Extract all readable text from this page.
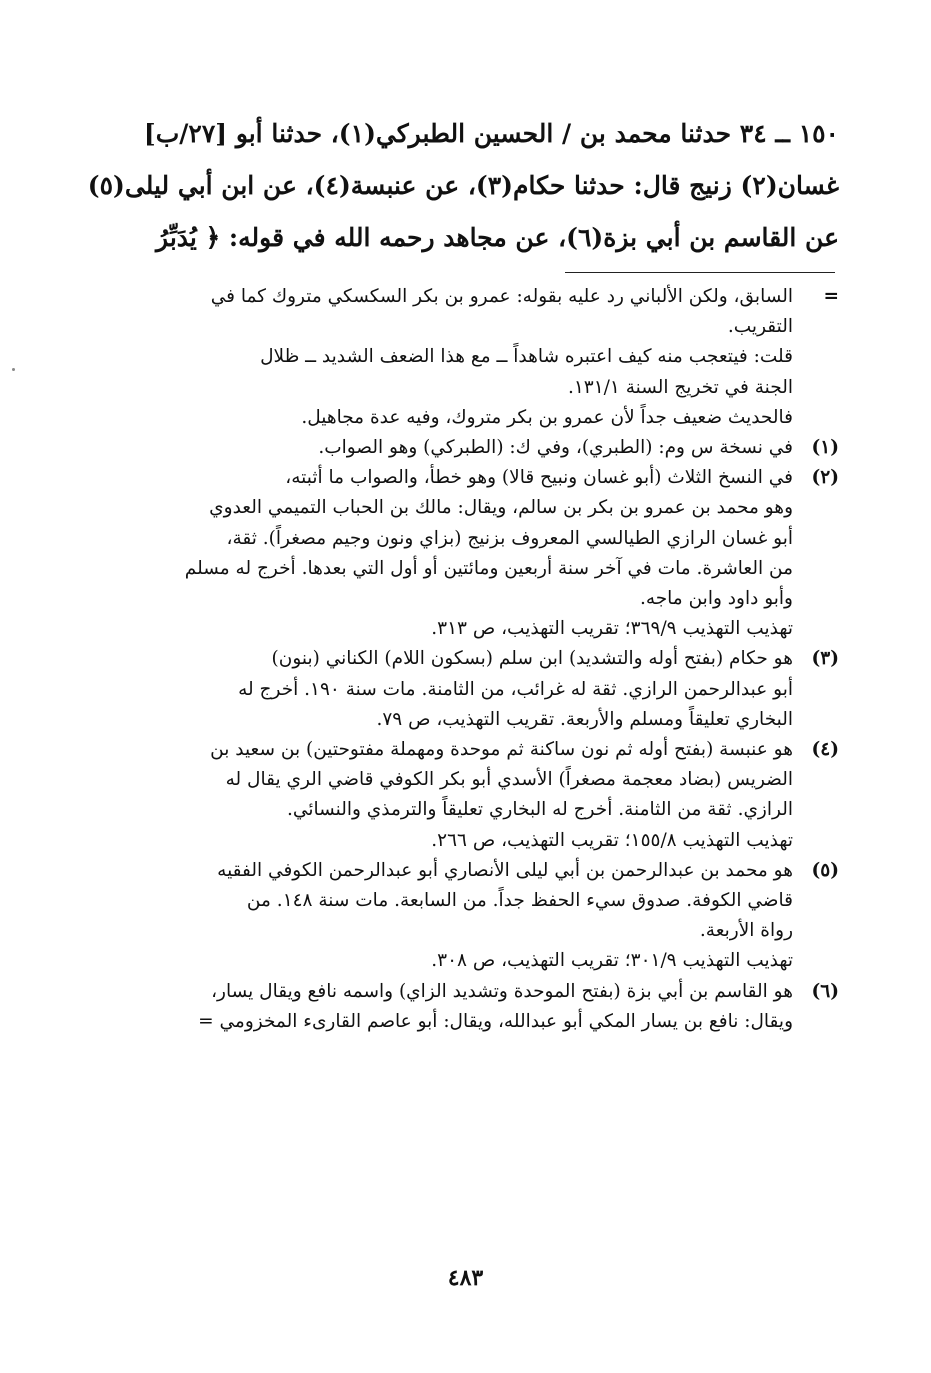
١٥٠ ــ ٣٤ حدثنا محمد بن / الحسين الطبركي(١)، حدثنا أبو [٢٧/ب]
غسان(٢) زنيج قال: حدثنا حكام(٣)، عن عنبسة(٤)، عن ابن أبي ليلى(٥)
عن القاسم بن أبي بزة(٦)، عن مجاهد رحمه الله في قوله: ﴿ يُدَبِّرُ
=
السابق، ولكن الألباني رد عليه بقوله: عمرو بن بكر السكسكي متروك كما في
التقريب.
قلت: فيتعجب منه كيف اعتبره شاهداً ــ مع هذا الضعف الشديد ــ ظلال
الجنة في تخريج السنة ١٣١/١.
فالحديث ضعيف جداً لأن عمرو بن بكر متروك، وفيه عدة مجاهيل.
(١)
في نسخة س وم: (الطبري)، وفي ك: (الطبركي) وهو الصواب.
(٢)
في النسخ الثلاث (أبو غسان ونبيح قالا) وهو خطأ، والصواب ما أثبته،
وهو محمد بن عمرو بن بكر بن سالم، ويقال: مالك بن الحباب التميمي العدوي
أبو غسان الرازي الطيالسي المعروف بزنيج (بزاي ونون وجيم مصغراً). ثقة،
من العاشرة. مات في آخر سنة أربعين ومائتين أو أول التي بعدها. أخرج له مسلم
وأبو داود وابن ماجه.
تهذيب التهذيب ٣٦٩/٩؛ تقريب التهذيب، ص ٣١٣.
(٣)
هو حكام (بفتح أوله والتشديد) ابن سلم (بسكون اللام) الكناني (بنون)
أبو عبدالرحمن الرازي. ثقة له غرائب، من الثامنة. مات سنة ١٩٠. أخرج له
البخاري تعليقاً ومسلم والأربعة. تقريب التهذيب، ص ٧٩.
(٤)
هو عنبسة (بفتح أوله ثم نون ساكنة ثم موحدة ومهملة مفتوحتين) بن سعيد بن
الضريس (بضاد معجمة مصغراً) الأسدي أبو بكر الكوفي قاضي الري يقال له
الرازي. ثقة من الثامنة. أخرج له البخاري تعليقاً والترمذي والنسائي.
تهذيب التهذيب ١٥٥/٨؛ تقريب التهذيب، ص ٢٦٦.
(٥)
هو محمد بن عبدالرحمن بن أبي ليلى الأنصاري أبو عبدالرحمن الكوفي الفقيه
قاضي الكوفة. صدوق سيء الحفظ جداً. من السابعة. مات سنة ١٤٨. من
رواة الأربعة.
تهذيب التهذيب ٣٠١/٩؛ تقريب التهذيب، ص ٣٠٨.
(٦)
هو القاسم بن أبي بزة (بفتح الموحدة وتشديد الزاي) واسمه نافع ويقال يسار،
ويقال: نافع بن يسار المكي أبو عبدالله، ويقال: أبو عاصم القارىء المخزومي =
٤٨٣
